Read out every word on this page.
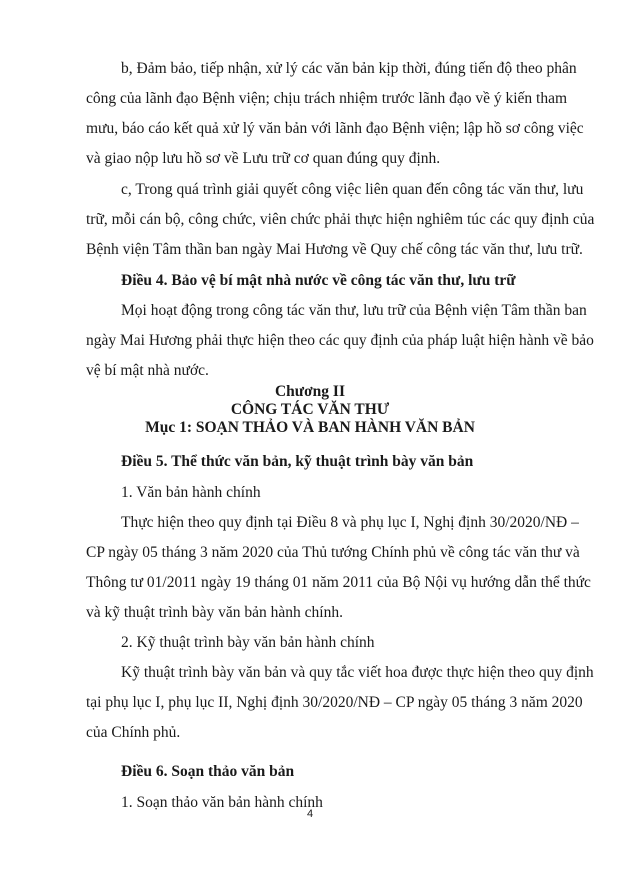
b, Đảm bảo, tiếp nhận, xử lý các văn bản kịp thời, đúng tiến độ theo phân

công của lãnh đạo Bệnh viện; chịu trách nhiệm trước lãnh đạo về ý kiến tham

mưu, báo cáo kết quả xử lý văn bản với lãnh đạo Bệnh viện; lập hồ sơ công việc

và giao nộp lưu hồ sơ về Lưu trữ cơ quan đúng quy định.

c, Trong quá trình giải quyết công việc liên quan đến công tác văn thư, lưu

trữ, mỗi cán bộ, công chức, viên chức phải thực hiện nghiêm túc các quy định của

Bệnh viện Tâm thần ban ngày Mai Hương về Quy chế công tác văn thư, lưu trữ.

Điều 4. Bảo vệ bí mật nhà nước về công tác văn thư, lưu trữ

Mọi hoạt động trong công tác văn thư, lưu trữ của Bệnh viện Tâm thần ban

ngày Mai Hương phải thực hiện theo các quy định của pháp luật hiện hành về bảo

vệ bí mật nhà nước.

Chương II

CÔNG TÁC VĂN THƯ

Mục 1: SOẠN THẢO VÀ BAN HÀNH VĂN BẢN

Điều 5. Thể thức văn bản, kỹ thuật trình bày văn bản

1. Văn bản hành chính

Thực hiện theo quy định tại Điều 8 và phụ lục I, Nghị định 30/2020/NĐ –

CP ngày 05 tháng 3 năm 2020 của Thủ tướng Chính phủ về công tác văn thư và

Thông tư 01/2011 ngày 19 tháng 01 năm 2011 của Bộ Nội vụ hướng dẫn thể thức

và kỹ thuật trình bày văn bản hành chính.

2. Kỹ thuật trình bày văn bản hành chính

Kỹ thuật trình bày văn bản và quy tắc viết hoa được thực hiện theo quy định

tại phụ lục I, phụ lục II, Nghị định 30/2020/NĐ – CP ngày 05 tháng 3 năm 2020

của Chính phủ.

Điều 6. Soạn thảo văn bản

1. Soạn thảo văn bản hành chính

4
